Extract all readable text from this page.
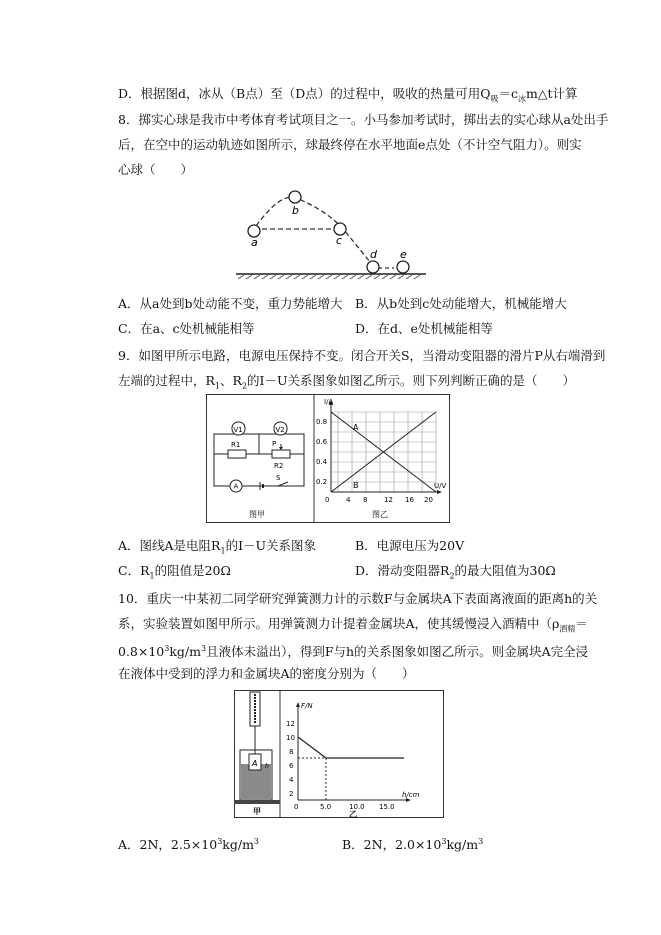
D．根据图d，冰从（B点）至（D点）的过程中，吸收的热量可用$Q_吸=c_冰m\triangle t$计算
8．掷实心球是我市中考体育考试项目之一。小马参加考试时，掷出去的实心球从a处出手
后，在空中的运动轨迹如图所示，球最终停在水平地面e点处（不计空气阻力）。则实
心球（　　）
a
b
c
d e
A．从a处到b处动能不变，重力势能增大 B．从b处到c处动能增大，机械能增大
C．在a、c处机械能相等	D．在d、e处机械能相等
9．如图甲所示电路，电源电压保持不变。闭合开关S，当滑动变阻器的滑片P从右端滑到
左端的过程中，$R_1$、$R_2$的I－U关系图象如图乙所示。则下列判断正确的是（　　）
V1	V2
R1
R2
P
A
S
图甲
A
B
I/A
U/V
0.8
0.6
0.4
0.2
0 4 8 12 16 20
图乙
A．图线A是电阻$R_1$的I－U关系图象	B．电源电压为20V
C．$R_1$的阻值是20Ω	D．滑动变阻器$R_2$的最大阻值为30Ω
10．重庆一中某初二同学研究弹簧测力计的示数F与金属块A下表面离液面的距离h的关
系，实验装置如图甲所示。用弹簧测力计提着金属块A，使其缓慢浸入酒精中（$\rho_{酒精}=$
$0.8\times 10^3kg/m^3$且液体未溢出），得到F与h的关系图象如图乙所示。则金属块A完全浸
在液体中受到的浮力和金属块A的密度分别为（　　）
A h
甲
F/N
h/cm
12
10
8
6
4
2
0	5.0	10.0 15.0
乙
A．2N，$2.5\times 10^3kg/m^3$	B．2N，$2.0\times 10^3kg/m^3$
